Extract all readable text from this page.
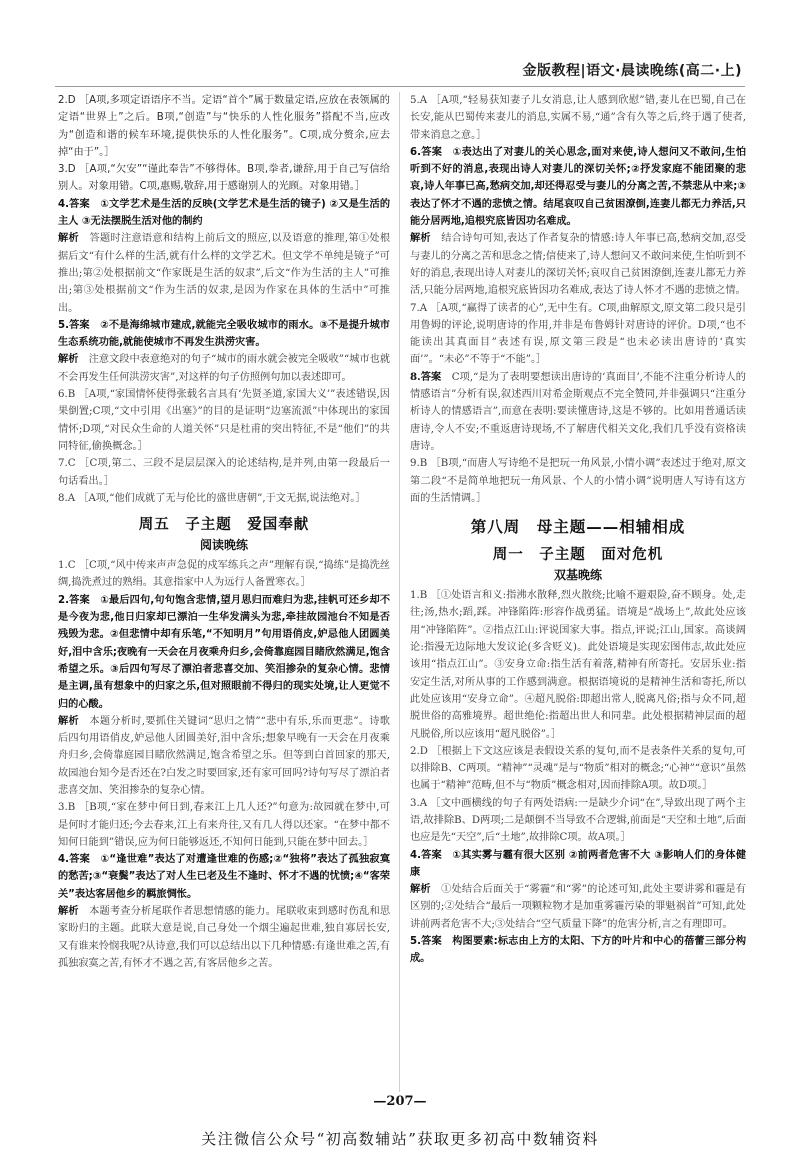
金版教程|语文·晨读晚练(高二·上)

2.D ［A项,多项定语语序不当。定语“首个”属于数量定语,应放在表领属的定语“世界上”之后。B项,“创造”与“快乐的人性化服务”搭配不当,应改为“创造和谐的候车环境,提供快乐的人性化服务”。C项,成分赘余,应去掉“由于”。］

3.D ［A项,“欠安”“谨此奉告”不够得体。B项,拳者,谦辞,用于自己写信给别人。对象用错。C项,惠赐,敬辞,用于感谢别人的光顾。对象用错。］

4.答案　 ①文学艺术是生活的反映(文学艺术是生活的镜子) ②又是生活的主人 ③无法摆脱生活对他的制约

解析　 答题时注意语意和结构上前后文的照应,以及语意的推理,第①处根据后文“有什么样的生活,就有什么样的文学艺术。但文学不单纯是镜子”可推出;第②处根据前文“作家既是生活的奴隶”,后文“作为生活的主人”可推出;第③处根据前文“作为生活的奴隶,是因为作家在具体的生活中”可推出。

5.答案　 ②不是海绵城市建成,就能完全吸收城市的雨水。③不是提升城市生态系统功能,就能使城市不再发生洪涝灾害。

解析　 注意文段中表意绝对的句子“城市的雨水就会被完全吸收”“城市也就不会再发生任何洪涝灾害”,对这样的句子仿照例句加以表述即可。

6.B ［A项,“家国情怀使得张载名言具有‘先贤圣道,家国大义’”表述错误,因果倒置;C项,“文中引用《出塞》”的目的是证明“边塞流派”中体现出的家国情怀;D项,“对民众生命的人道关怀”只是杜甫的突出特征,不是“他们”的共同特征,偷换概念。］

7.C ［C项,第二、三段不是层层深入的论述结构,是并列,由第一段最后一句话看出。］

8.A ［A项,“他们成就了无与伦比的盛世唐朝”,于文无据,说法绝对。］

周五　子主题　爱国奉献
阅读晚练

1.C ［C项,“风中传来声声急促的戍军练兵之声”理解有误,“捣练”是捣洗丝绸,捣洗煮过的熟绢。其意指家中人为远行人备置寒衣。］

2.答案　 ①最后四句,句句饱含悲情,望月思归而难归为悲,挂帆可还乡却不是今夜为悲,他日归家却已漂泊一生华发满头为悲,牵挂故园池台不知是否残毁为悲。②但悲情中却有乐笔,“不知明月”句用语俏皮,妒忌他人团圆美好,泪中含乐;夜晚有一天会在月夜乘舟归乡,会倚靠庭园目睹欣然满足,饱含希望之乐。③后四句写尽了漂泊者悲喜交加、笑泪掺杂的复杂心情。悲情是主调,虽有想象中的归家之乐,但对照眼前不得归的现实处境,让人更觉不归的心酸。

解析　 本题分析时,要抓住关键词“思归之情”“悲中有乐,乐而更悲”。诗歌后四句用语俏皮,妒忌他人团圆美好,泪中含乐;想象早晚有一天会在月夜乘舟归乡,会倚靠庭园目睹欣然满足,饱含希望之乐。但等到白首回家的那天,故园池台知今是否还在?白发之时要回家,还有家可回吗?诗句写尽了漂泊者悲喜交加、笑泪掺杂的复杂心情。

3.B ［B项,“家在梦中何日到,春来江上几人还?”句意为:故园就在梦中,可是何时才能归还;今去春来,江上有来舟往,又有几人得以还家。“在梦中都不知何日能到”错误,应为何日能够返还,不知何日能到,只能在梦中回去。］

4.答案　 ①“逢世难”表达了对遭逢世难的伤感;②“独将”表达了孤独寂寞的愁苦;③“衰鬓”表达了对人生已老及生不逢时、怀才不遇的忧愤;④“客荣关”表达客居他乡的羁旅惆怅。

解析　 本题考查分析尾联作者思想情感的能力。尾联收束到感时伤乱和思家盼归的主题。此联大意是说,自己身处一个烟尘遍起世难,独自寡居长安,又有谁来怜悯我呢?从诗意,我们可以总结出以下几种情感:有逢世难之苦,有孤独寂寞之苦,有怀才不遇之苦,有客居他乡之苦。

5.A ［A项,“轻易获知妻子儿女消息,让人感到欣慰”错,妻儿在巴蜀,自己在长安,能从巴蜀传来妻儿的消息,实属不易,“通”含有久等之后,终于遇了使者,带来消息之意。］

6.答案　 ①表达出了对妻儿的关心思念,面对来使,诗人想问又不敢问,生怕听到不好的消息,表现出诗人对妻儿的深切关怀;②抒发家庭不能团聚的悲哀,诗人年事已高,愁病交加,却还得忍受与妻儿的分离之苦,不禁悲从中来;③表达了怀才不遇的悲愤之情。结尾哀叹自己贫困潦倒,连妻儿都无力养活,只能分居两地,追根究底皆因功名难成。

解析　 结合诗句可知,表达了作者复杂的情感:诗人年事已高,愁病交加,忍受与妻儿的分离之苦和思念之情;信使来了,诗人想问又不敢问来使,生怕听到不好的消息,表现出诗人对妻儿的深切关怀;哀叹自己贫困潦倒,连妻儿都无力养活,只能分居两地,追根究底皆因功名难成,表达了诗人怀才不遇的悲愤之情。

7.A ［A项,“赢得了读者的心”,无中生有。C项,曲解原文,原文第二段只是引用鲁姆的评论,说明唐诗的作用,并非是布鲁姆针对唐诗的评价。D项,“也不能读出其真面目”表述有误,原文第三段是“也未必读出唐诗的‘真实面’”。“未必”不等于“不能”。］

8.答案　 C项,“是为了表明要想读出唐诗的‘真面目’,不能不注重分析诗人的情感语言”分析有误,叙述西川对希金斯观点不完全赞同,并非强调只“注重分析诗人的情感语言”,而意在表明:要读懂唐诗,这是不够的。比如用普通话读唐诗,令人不安;不重返唐诗现场,不了解唐代相关文化,我们几乎没有资格读唐诗。

9.B ［B项,“而唐人写诗绝不是把玩一角风景,小情小调”表述过于绝对,原文第二段“不是简单地把玩一角风景、个人的小情小调”说明唐人写诗有这方面的生活情调。］

第八周　母主题——相辅相成
周一　子主题　面对危机
双基晚练

1.B ［①处语言和义:指沸水散释,烈火散绕;比喻不避艰险,奋不顾身。处,走往;汤,热水;蹈,踩。冲锋陷阵:形容作战勇猛。语境是“战场上”,故此处应该用“冲锋陷阵”。②指点江山:评说国家大事。指点,评说;江山,国家。高谈阔论:指漫无边际地大发议论(多含贬义)。此处语境是实现宏图伟志,故此处应该用“指点江山”。③安身立命:指生活有着落,精神有所寄托。安居乐业:指安定生活,对所从事的工作感到满意。根据语境说的是精神生活和寄托,所以此处应该用“安身立命”。④超凡脱俗:即超出常人,脱离凡俗;指与众不同,超脱世俗的高雅境界。超世绝伦:指超出世人和同辈。此处根据精神层面的超凡脱俗,所以应该用“超凡脱俗”。］

2.D ［根据上下文这应该是表假设关系的复句,而不是表条件关系的复句,可以排除B、C两项。“精神”“灵魂”是与“物质”相对的概念;“心神”“意识”虽然也属于“精神”范畴,但不与“物质”概念相对,因而排除A项。故D项。］

3.A ［文中画横线的句子有两处语病:一是缺少介词“在”,导致出现了两个主语,故排除B、D两项;二是颠倒不当导致不合逻辑,前面是“天空和土地”,后面也应是先“天空”,后“土地”,故排除C项。故A项。］

4.答案　 ①其实雾与霾有很大区别 ②前两者危害不大 ③影响人们的身体健康

解析　 ①处结合后面关于“雾霾”和“雾”的论述可知,此处主要讲雾和霾是有区别的;②处结合“最后一项颗粒物才是加重雾霾污染的罪魁祸首”可知,此处讲前两者危害不大;③处结合“空气质量下降”的危害分析,言之有理即可。

5.答案　 构图要素:标志由上方的太阳、下方的叶片和中心的蓓蕾三部分构成。

—207—
关注微信公众号“初高数辅站”获取更多初高中数辅资料
